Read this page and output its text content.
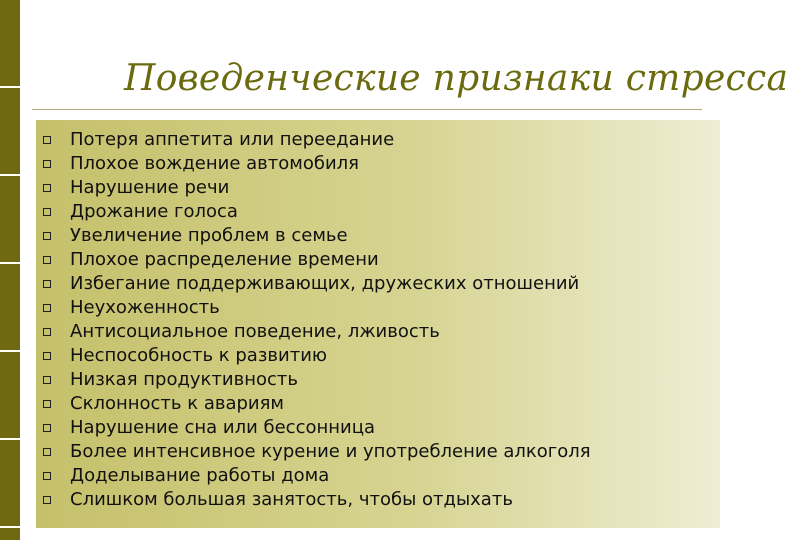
Поведенческие признаки стресса
Потеря аппетита или переедание
Плохое вождение автомобиля
Нарушение речи
Дрожание голоса
Увеличение проблем в семье
Плохое распределение времени
Избегание поддерживающих, дружеских отношений
Неухоженность
Антисоциальное поведение, лживость
Неспособность к развитию
Низкая продуктивность
Склонность к авариям
Нарушение сна или бессонница
Более интенсивное курение и употребление алкоголя
Доделывание работы дома
Слишком большая занятость, чтобы отдыхать
